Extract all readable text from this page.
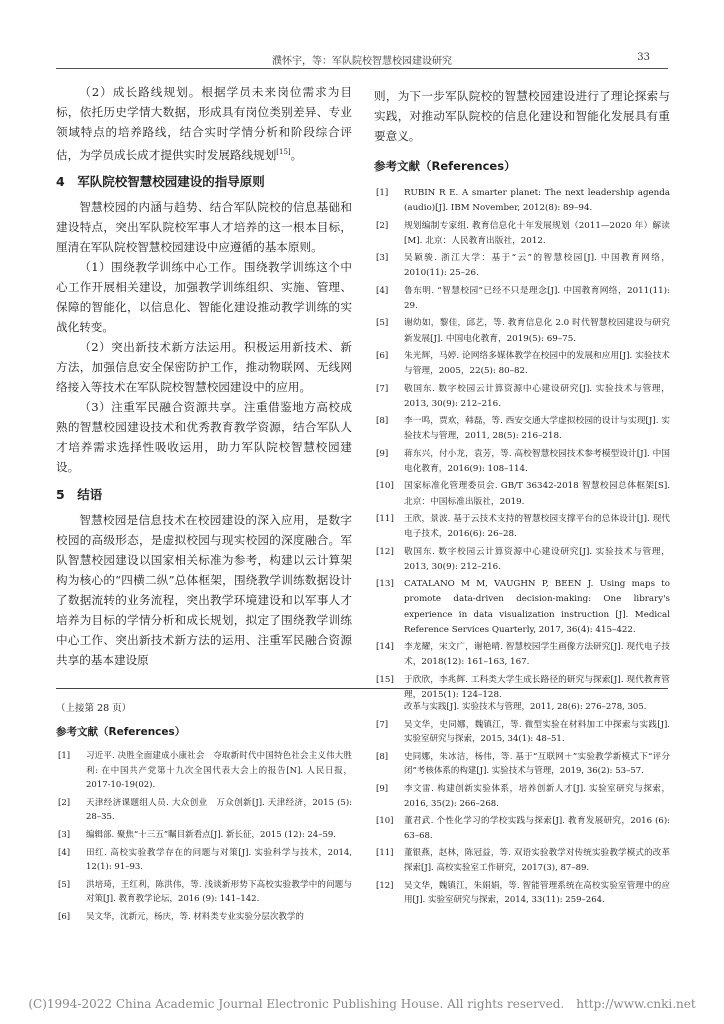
濮怀宇，等：军队院校智慧校园建设研究	33

（2）成长路线规划。根据学员未来岗位需求为目标，依托历史学情大数据，形成具有岗位类别差异、专业领域特点的培养路线，结合实时学情分析和阶段综合评估，为学员成长成才提供实时发展路线规划[15]。

4　军队院校智慧校园建设的指导原则

智慧校园的内涵与趋势、结合军队院校的信息基础和建设特点，突出军队院校军事人才培养的这一根本目标，厘清在军队院校智慧校园建设中应遵循的基本原则。

（1）围绕教学训练中心工作。围绕教学训练这个中心工作开展相关建设，加强教学训练组织、实施、管理、保障的智能化，以信息化、智能化建设推动教学训练的实战化转变。

（2）突出新技术新方法运用。积极运用新技术、新方法，加强信息安全保密防护工作，推动物联网、无线网络接入等技术在军队院校智慧校园建设中的应用。

（3）注重军民融合资源共享。注重借鉴地方高校成熟的智慧校园建设技术和优秀教育教学资源，结合军队人才培养需求选择性吸收运用，助力军队院校智慧校园建设。

5　结语

智慧校园是信息技术在校园建设的深入应用，是数字校园的高级形态，是虚拟校园与现实校园的深度融合。军队智慧校园建设以国家相关标准为参考，构建以云计算架构为核心的“四横二纵”总体框架，围绕教学训练数据设计了数据流转的业务流程，突出教学环境建设和以军事人才培养为目标的学情分析和成长规划，拟定了围绕教学训练中心工作、突出新技术新方法的运用、注重军民融合资源共享的基本建设原

则，为下一步军队院校的智慧校园建设进行了理论探索与实践，对推动军队院校的信息化建设和智能化发展具有重要意义。

参考文献（References）
[1] RUBIN R E. A smarter planet: The next leadership agenda (audio)[J]. IBM November, 2012(8): 89–94.
[2] 规划编制专家组. 教育信息化十年发展规划（2011—2020 年）解读[M]. 北京：人民教育出版社，2012.
[3] 吴颖骏. 浙江大学：基于“云”的智慧校园[J]. 中国教育网络，2010(11): 25–26.
[4] 鲁东明. “智慧校园”已经不只是理念[J]. 中国教育网络，2011(11): 29.
[5] 谢幼如，黎佳，邱艺，等. 教育信息化 2.0 时代智慧校园建设与研究新发展[J]. 中国电化教育，2019(5): 69–75.
[6] 朱光辉，马婷. 论网络多媒体教学在校园中的发展和应用[J]. 实验技术与管理，2005，22(5): 80–82.
[7] 敬国东. 数字校园云计算资源中心建设研究[J]. 实验技术与管理，2013, 30(9): 212–216.
[8] 李一鸣，贾欢，韩磊，等. 西安交通大学虚拟校园的设计与实现[J]. 实验技术与管理，2011, 28(5): 216–218.
[9] 蒋东兴，付小龙，袁芳，等. 高校智慧校园技术参考模型设计[J]. 中国电化教育，2016(9): 108–114.
[10] 国家标准化管理委员会. GB/T 36342-2018 智慧校园总体框架[S]. 北京：中国标准出版社，2019.
[11] 王欣，景波. 基于云技术支持的智慧校园支撑平台的总体设计[J]. 现代电子技术，2016(6): 26–28.
[12] 敬国东. 数字校园云计算资源中心建设研究[J]. 实验技术与管理，2013, 30(9): 212–216.
[13] CATALANO M M, VAUGHN P, BEEN J. Using maps to promote data-driven decision-making: One library's experience in data visualization instruction [J]. Medical Reference Services Quarterly, 2017, 36(4): 415–422.
[14] 李龙耀，宋文广，谢艳晴. 智慧校园学生画像方法研究[J]. 现代电子技术，2018(12): 161–163, 167.
[15] 于欣欣，李兆辉. 工科类大学生成长路径的研究与探索[J]. 现代教育管理，2015(1): 124–128.
（上接第 28 页）
参考文献（References）
[1] 习近平. 决胜全面建成小康社会　夺取新时代中国特色社会主义伟大胜利: 在中国共产党第十九次全国代表大会上的报告[N]. 人民日报，2017-10-19(02).
[2] 天津经济课题组人员. 大众创业　万众创新[J]. 天津经济，2015 (5): 28–35.
[3] 编辑部. 聚焦“十三五”瞩目新看点[J]. 新长征，2015 (12): 24–59.
[4] 田红. 高校实验教学存在的问题与对策[J]. 实验科学与技术，2014, 12(1): 91–93.
[5] 洪培琦，王红利，陈洪伟，等. 浅谈新形势下高校实验教学中的问题与对策[J]. 教育教学论坛，2016 (9): 141–142.
[6] 吴文华，沈新元，杨庆，等. 材料类专业实验分层次教学的
改革与实践[J]. 实验技术与管理，2011, 28(6): 276–278, 305.
[7] 吴文华，史同娜，魏镇江，等. 微型实验在材料加工中探索与实践[J]. 实验室研究与探索，2015, 34(1): 48–51.
[8] 史同娜，朱冰洁，杨伟，等. 基于“互联网＋”实验教学新模式下“评分闭”考核体系的构建[J]. 实验技术与管理，2019, 36(2): 53–57.
[9] 李文雷. 构建创新实验体系，培养创新人才[J]. 实验室研究与探索，2016, 35(2): 266–268.
[10] 董君武. 个性化学习的学校实践与探索[J]. 教育发展研究，2016 (6): 63–68.
[11] 董银燕，赵林，陈冠益，等. 双语实验教学对传统实验教学模式的改革探索[J]. 高校实验室工作研究，2017(3), 87–89.
[12] 吴文华，魏镇江，朱娟娟，等. 智能管理系统在高校实验室管理中的应用[J]. 实验室研究与探索，2014, 33(11): 259–264.
(C)1994-2022 China Academic Journal Electronic Publishing House. All rights reserved.　http://www.cnki.net
